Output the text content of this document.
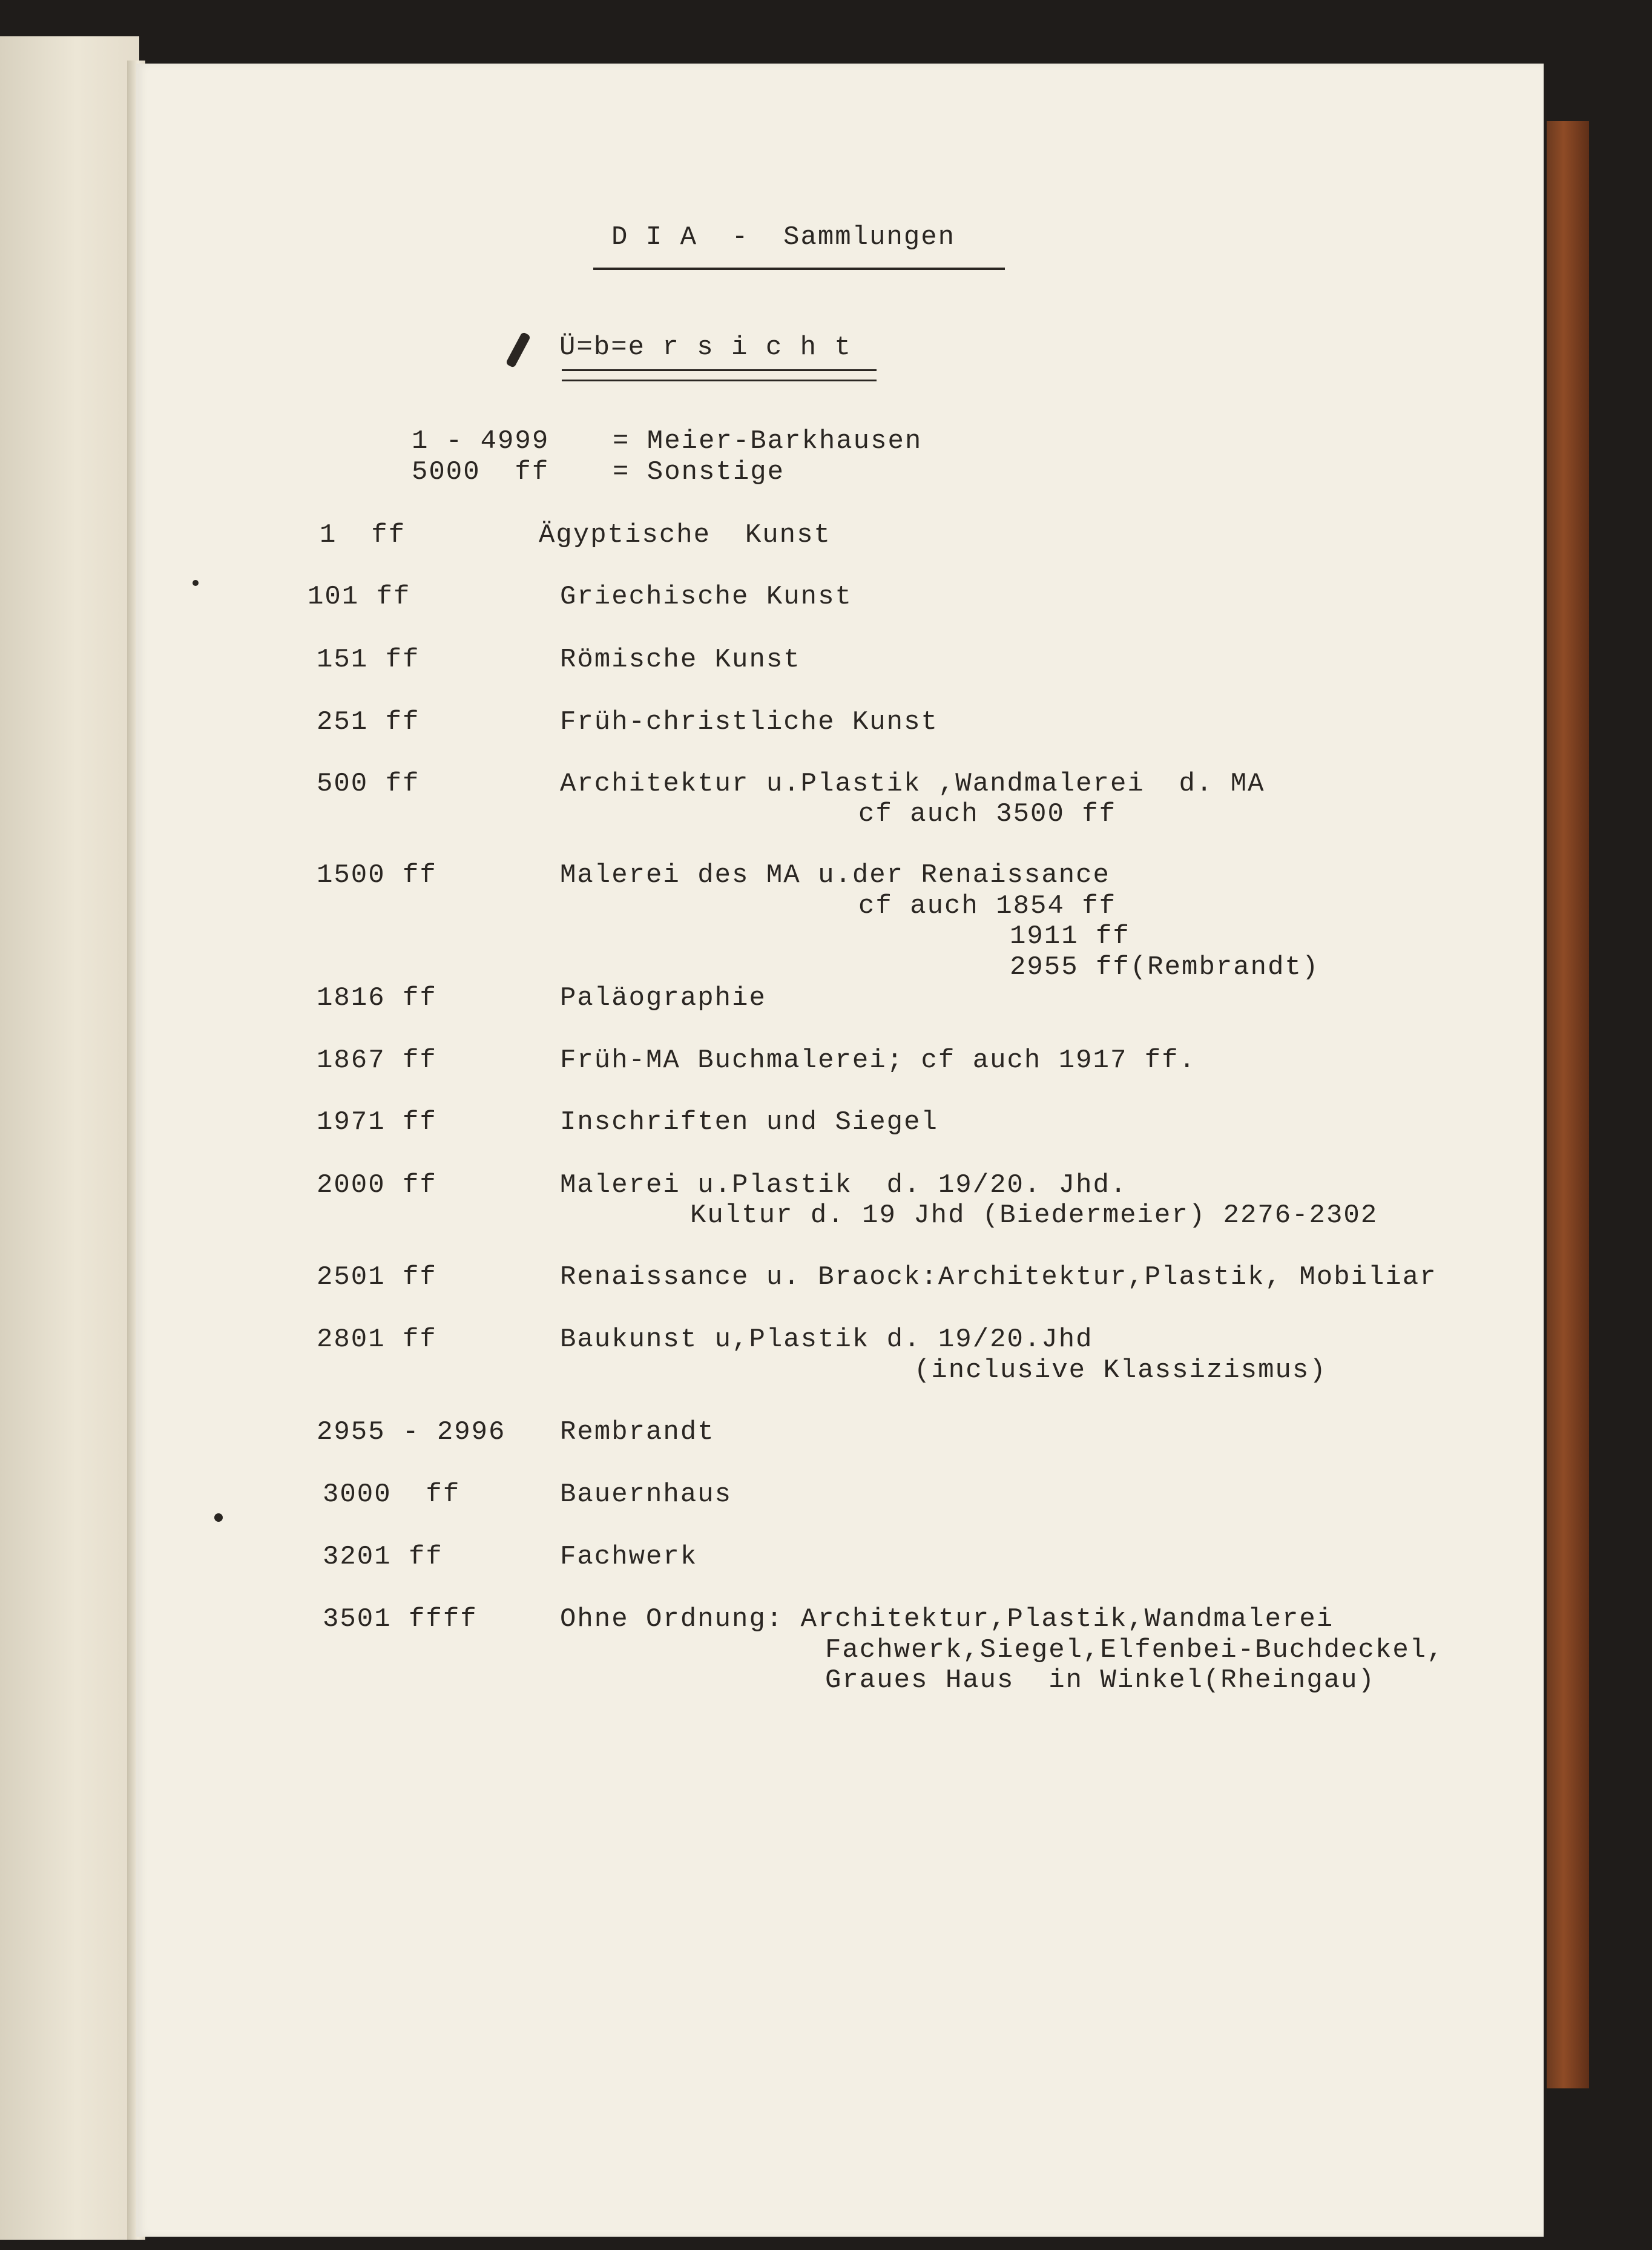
D I A  -  Sammlungen
Ü=b=e r s i c h t
1 - 4999 = Meier-Barkhausen
5000  ff = Sonstige
1  ff	Ägyptische  Kunst
101 ff	Griechische Kunst
151 ff	Römische Kunst
251 ff	Früh-christliche Kunst
500 ff	Architektur u.Plastik ,Wandmalerei  d. MA
cf auch 3500 ff
1500 ff	Malerei des MA u.der Renaissance
cf auch 1854 ff
1911 ff
2955 ff(Rembrandt)
1816 ff	Paläographie
1867 ff	Früh-MA Buchmalerei; cf auch 1917 ff.
1971 ff	Inschriften und Siegel
2000 ff	Malerei u.Plastik  d. 19/20. Jhd.
Kultur d. 19 Jhd (Biedermeier) 2276-2302
2501 ff	Renaissance u. Braock:Architektur,Plastik, Mobiliar
2801 ff	Baukunst u,Plastik d. 19/20.Jhd
(inclusive Klassizismus)
2955 - 2996 Rembrandt
3000  ff	Bauernhaus
3201 ff	Fachwerk
3501 ffff	Ohne Ordnung: Architektur,Plastik,Wandmalerei
Fachwerk,Siegel,Elfenbei-Buchdeckel,
Graues Haus  in Winkel(Rheingau)
